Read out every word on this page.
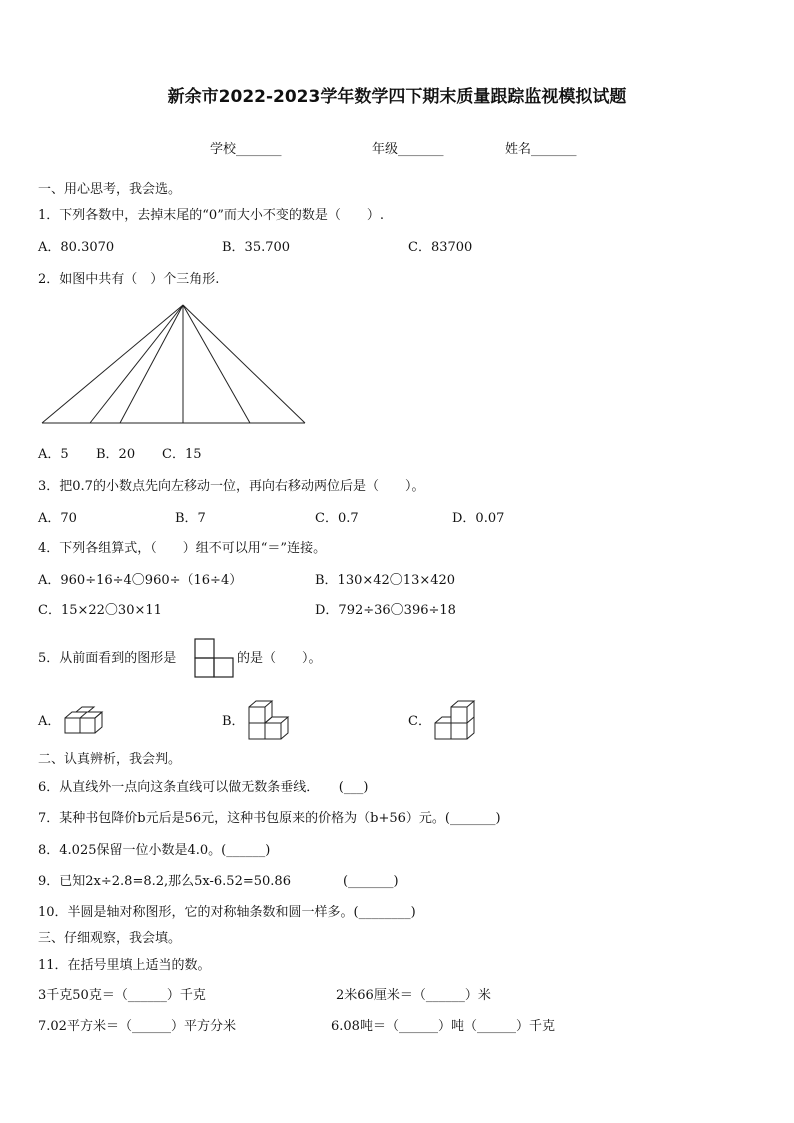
新余市2022-2023学年数学四下期末质量跟踪监视模拟试题
学校_______	年级_______	姓名_______
一、用心思考，我会选。
1．下列各数中，去掉末尾的“0”而大小不变的数是（　　）.
A．80.3070	B．35.700	C．83700
2．如图中共有（　）个三角形.
A．5 B．20 C．15
3．把0.7的小数点先向左移动一位，再向右移动两位后是（　　）。
A．70	B．7	C．0.7	D．0.07
4．下列各组算式，（　　）组不可以用“＝”连接。
A．960÷16÷4〇960÷（16÷4）	B．130×42〇13×420
C．15×22〇30×11	D．792÷36〇396÷18
5．从前面看到的图形是	的是（　　）。
A．	B．	C．
二、认真辨析，我会判。
6．从直线外一点向这条直线可以做无数条垂线．　　(___)
7．某种书包降价b元后是56元，这种书包原来的价格为（b+56）元。(_______)
8．4.025保留一位小数是4.0。(______)
9．已知2x÷2.8=8.2,那么5x-6.52=50.86　　　　(_______)
10．半圆是轴对称图形，它的对称轴条数和圆一样多。(________)
三、仔细观察，我会填。
11．在括号里填上适当的数。
3千克50克＝（______）千克	2米66厘米＝（______）米
7.02平方米＝（______）平方分米	6.08吨＝（______）吨（______）千克
